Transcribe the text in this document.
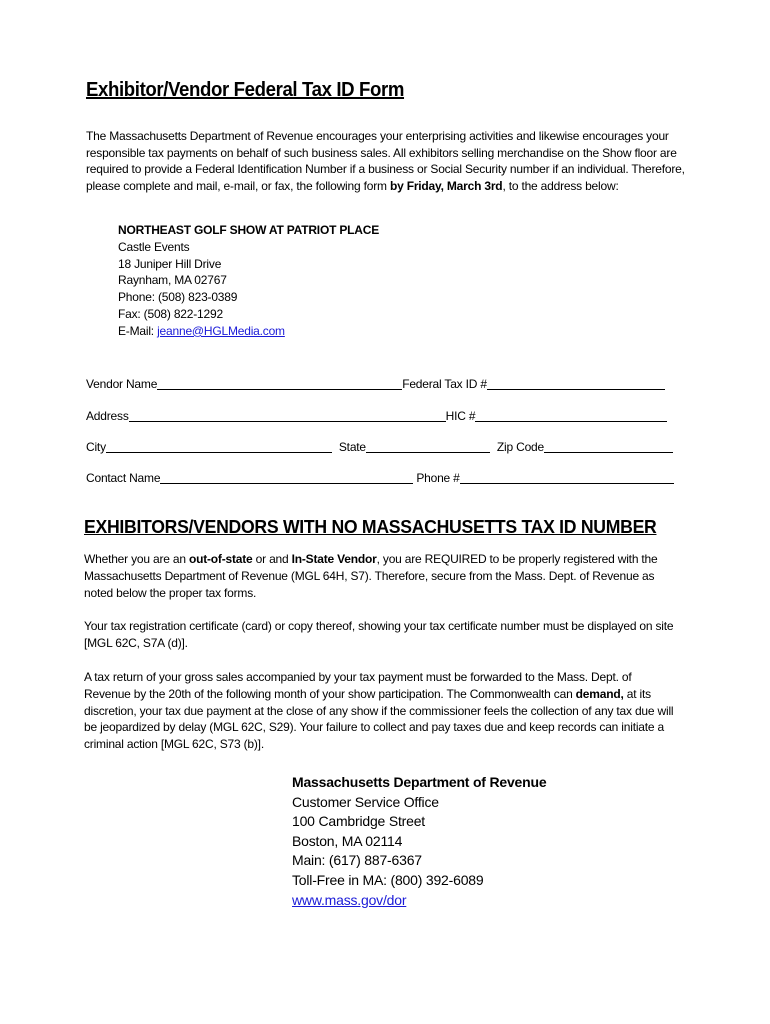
Exhibitor/Vendor Federal Tax ID Form
The Massachusetts Department of Revenue encourages your enterprising activities and likewise encourages your responsible tax payments on behalf of such business sales. All exhibitors selling merchandise on the Show floor are required to provide a Federal Identification Number if a business or Social Security number if an individual. Therefore, please complete and mail, e-mail, or fax, the following form by Friday, March 3rd, to the address below:
NORTHEAST GOLF SHOW AT PATRIOT PLACE
Castle Events
18 Juniper Hill Drive
Raynham, MA 02767
Phone: (508) 823-0389
Fax: (508) 822-1292
E-Mail: jeanne@HGLMedia.com
Vendor Name	Federal Tax ID #
Address	HIC #
City	State	Zip Code
Contact Name	Phone #
EXHIBITORS/VENDORS WITH NO MASSACHUSETTS TAX ID NUMBER
Whether you are an out-of-state or and In-State Vendor, you are REQUIRED to be properly registered with the Massachusetts Department of Revenue (MGL 64H, S7). Therefore, secure from the Mass. Dept. of Revenue as noted below the proper tax forms.
Your tax registration certificate (card) or copy thereof, showing your tax certificate number must be displayed on site [MGL 62C, S7A (d)].
A tax return of your gross sales accompanied by your tax payment must be forwarded to the Mass. Dept. of Revenue by the 20th of the following month of your show participation. The Commonwealth can demand, at its discretion, your tax due payment at the close of any show if the commissioner feels the collection of any tax due will be jeopardized by delay (MGL 62C, S29). Your failure to collect and pay taxes due and keep records can initiate a criminal action [MGL 62C, S73 (b)].
Massachusetts Department of Revenue
Customer Service Office
100 Cambridge Street
Boston, MA 02114
Main: (617) 887-6367
Toll-Free in MA: (800) 392-6089
www.mass.gov/dor
